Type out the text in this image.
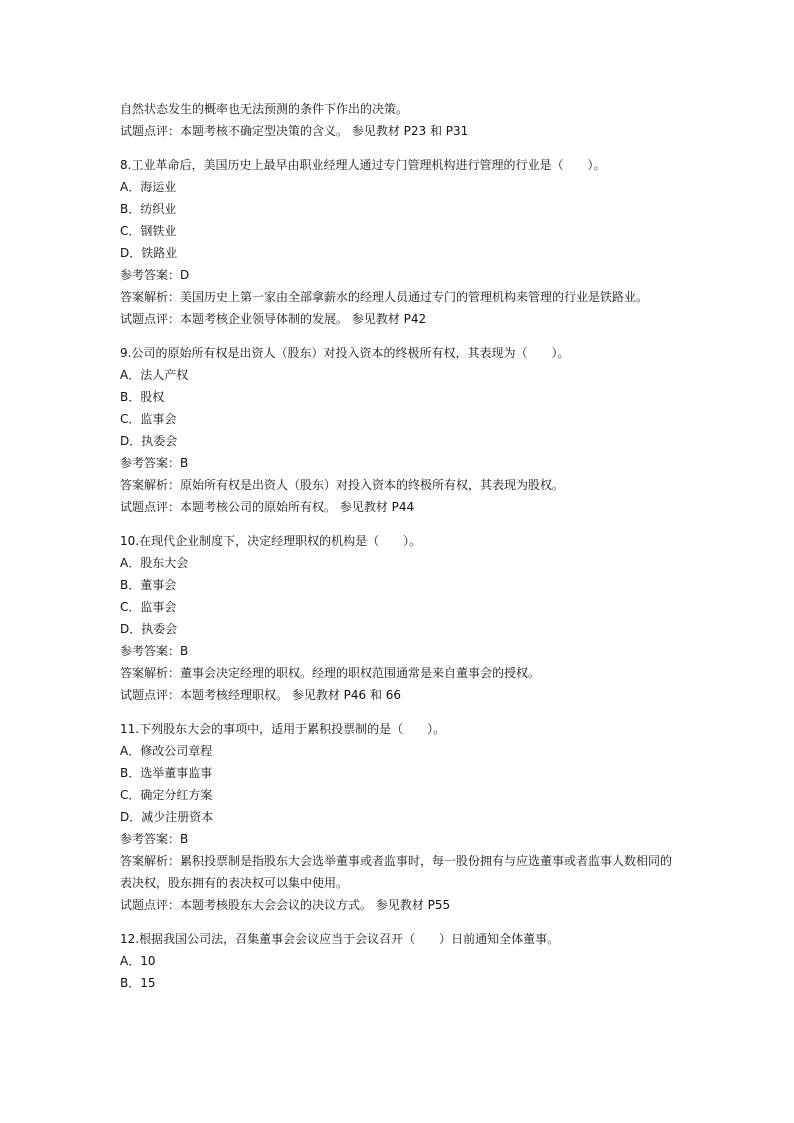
自然状态发生的概率也无法预测的条件下作出的决策。
试题点评：本题考核不确定型决策的含义。 参见教材 P23 和 P31
8.工业革命后，美国历史上最早由职业经理人通过专门管理机构进行管理的行业是（　　）。
A．海运业
B．纺织业
C．钢铁业
D．铁路业
参考答案：D
答案解析：美国历史上第一家由全部拿薪水的经理人员通过专门的管理机构来管理的行业是铁路业。
试题点评：本题考核企业领导体制的发展。 参见教材 P42
9.公司的原始所有权是出资人（股东）对投入资本的终极所有权，其表现为（　　）。
A．法人产权
B．股权
C．监事会
D．执委会
参考答案：B
答案解析：原始所有权是出资人（股东）对投入资本的终极所有权，其表现为股权。
试题点评：本题考核公司的原始所有权。 参见教材 P44
10.在现代企业制度下，决定经理职权的机构是（　　）。
A．股东大会
B．董事会
C．监事会
D．执委会
参考答案：B
答案解析：董事会决定经理的职权。经理的职权范围通常是来自董事会的授权。
试题点评：本题考核经理职权。 参见教材 P46 和 66
11.下列股东大会的事项中，适用于累积投票制的是（　　）。
A．修改公司章程
B．选举董事监事
C．确定分红方案
D．减少注册资本
参考答案：B
答案解析：累积投票制是指股东大会选举董事或者监事时，每一股份拥有与应选董事或者监事人数相同的表决权，股东拥有的表决权可以集中使用。
试题点评：本题考核股东大会会议的决议方式。 参见教材 P55
12.根据我国公司法，召集董事会会议应当于会议召开（　　）日前通知全体董事。
A．10
B．15
